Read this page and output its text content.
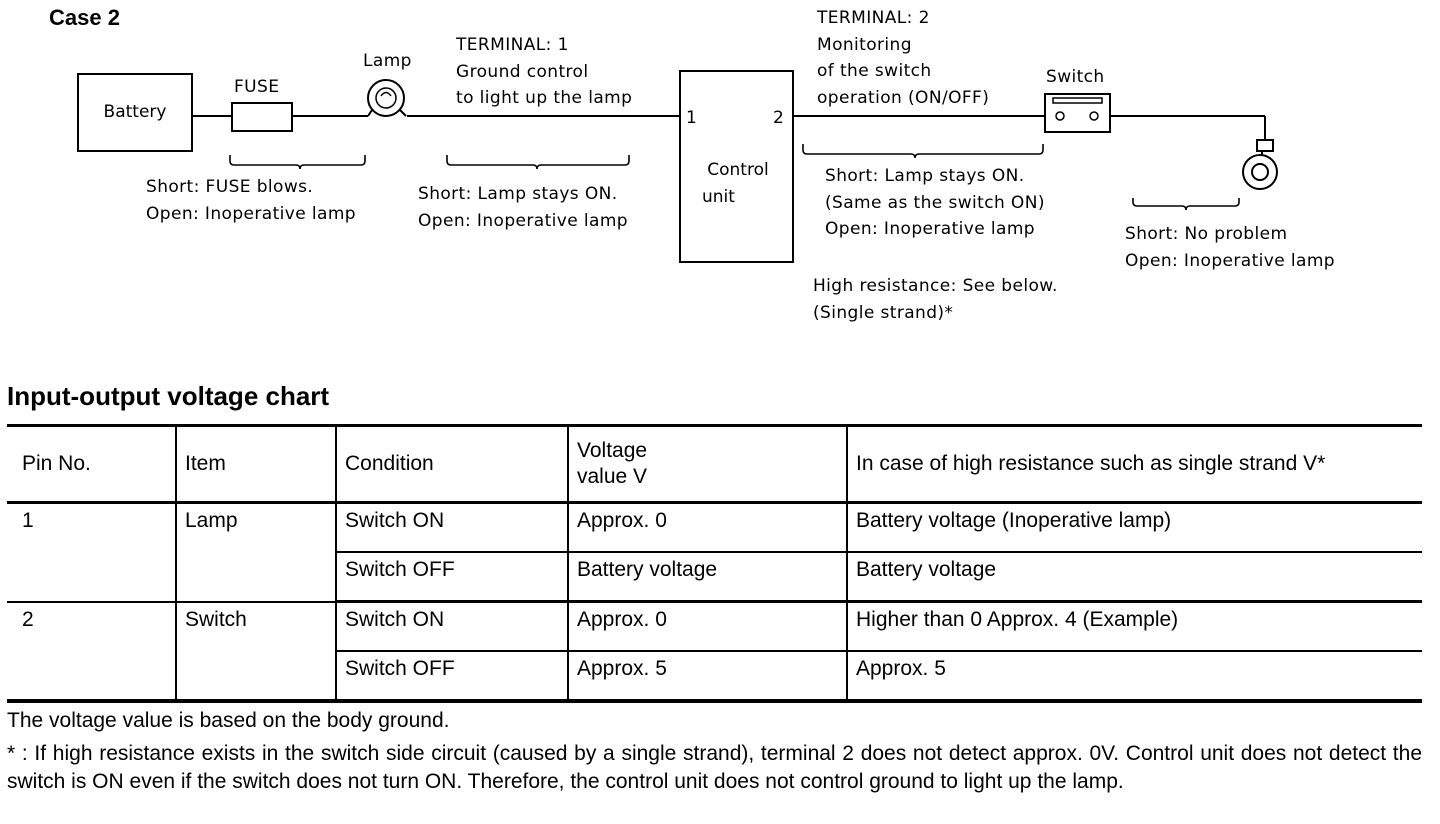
Case 2
Battery
FUSE
Lamp
TERMINAL: 1
Ground control
to light up the lamp
TERMINAL: 2
Monitoring
of the switch
operation (ON/OFF)
Switch
Control
unit
1	2
Short: FUSE blows.
Open: Inoperative lamp
Short: Lamp stays ON.
Open: Inoperative lamp
Short: Lamp stays ON.
(Same as the switch ON)
Open: Inoperative lamp
High resistance: See below.
(Single strand)*
Short: No problem
Open: Inoperative lamp
Input-output voltage chart
Pin No.	Item	Condition	Voltage
value V	In case of high resistance such as single strand V*
1	Lamp	Switch ON	Approx. 0	Battery voltage (Inoperative lamp)
		Switch OFF	Battery voltage	Battery voltage
2	Switch	Switch ON	Approx. 0	Higher than 0 Approx. 4 (Example)
		Switch OFF	Approx. 5	Approx. 5
The voltage value is based on the body ground.
* : If high resistance exists in the switch side circuit (caused by a single strand), terminal 2 does not detect approx. 0V. Control unit does not detect the switch is ON even if the switch does not turn ON. Therefore, the control unit does not control ground to light up the lamp.
